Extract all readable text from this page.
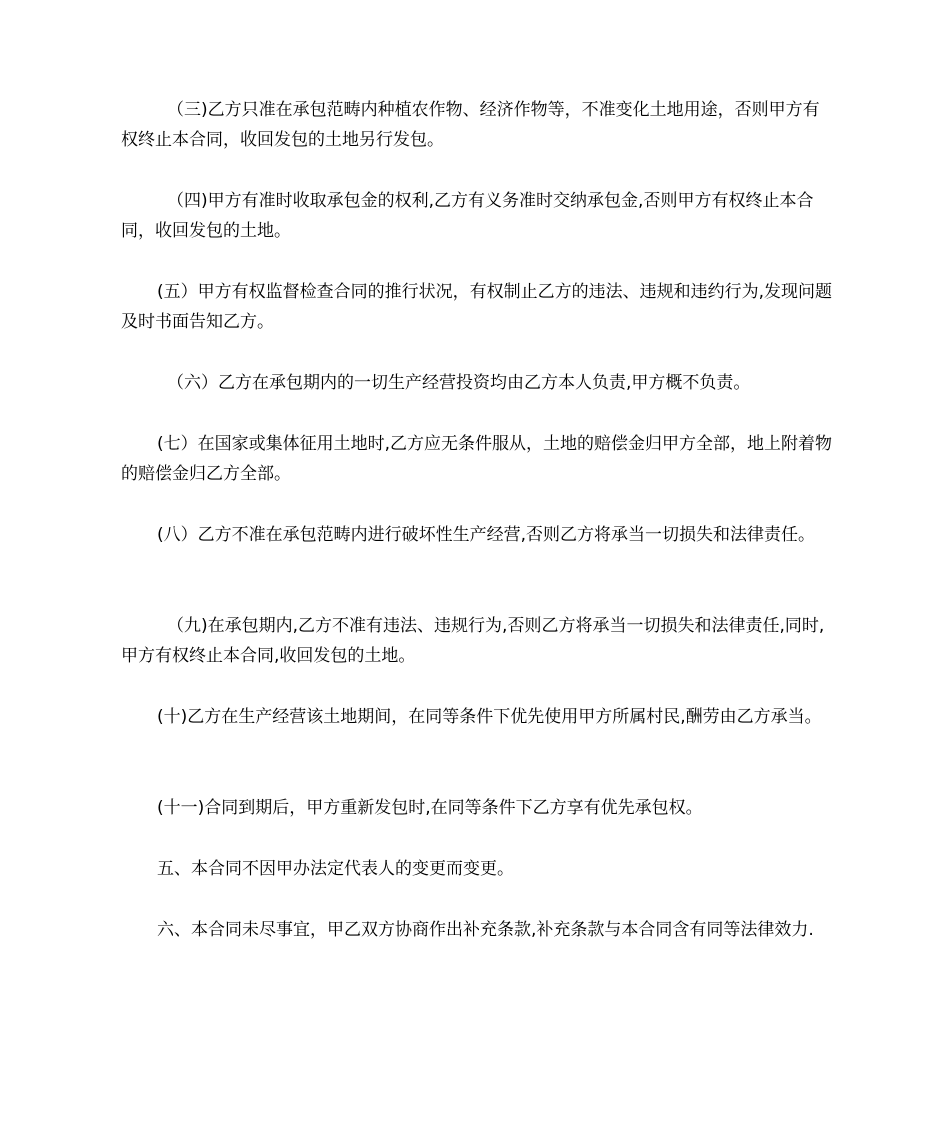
（三)乙方只准在承包范畴内种植农作物、经济作物等，不准变化土地用途，否则甲方有权终止本合同，收回发包的土地另行发包。

（四)甲方有准时收取承包金的权利,乙方有义务准时交纳承包金,否则甲方有权终止本合同，收回发包的土地。

(五）甲方有权监督检查合同的推行状况，有权制止乙方的违法、违规和违约行为,发现问题及时书面告知乙方。

（六）乙方在承包期内的一切生产经营投资均由乙方本人负责,甲方概不负责。

(七）在国家或集体征用土地时,乙方应无条件服从，土地的赔偿金归甲方全部，地上附着物的赔偿金归乙方全部。

(八）乙方不准在承包范畴内进行破坏性生产经营,否则乙方将承当一切损失和法律责任。

（九)在承包期内,乙方不准有违法、违规行为,否则乙方将承当一切损失和法律责任,同时,甲方有权终止本合同,收回发包的土地。

(十)乙方在生产经营该土地期间，在同等条件下优先使用甲方所属村民,酬劳由乙方承当。

(十一)合同到期后，甲方重新发包时,在同等条件下乙方享有优先承包权。

五、本合同不因甲办法定代表人的变更而变更。

六、本合同未尽事宜，甲乙双方协商作出补充条款,补充条款与本合同含有同等法律效力.
